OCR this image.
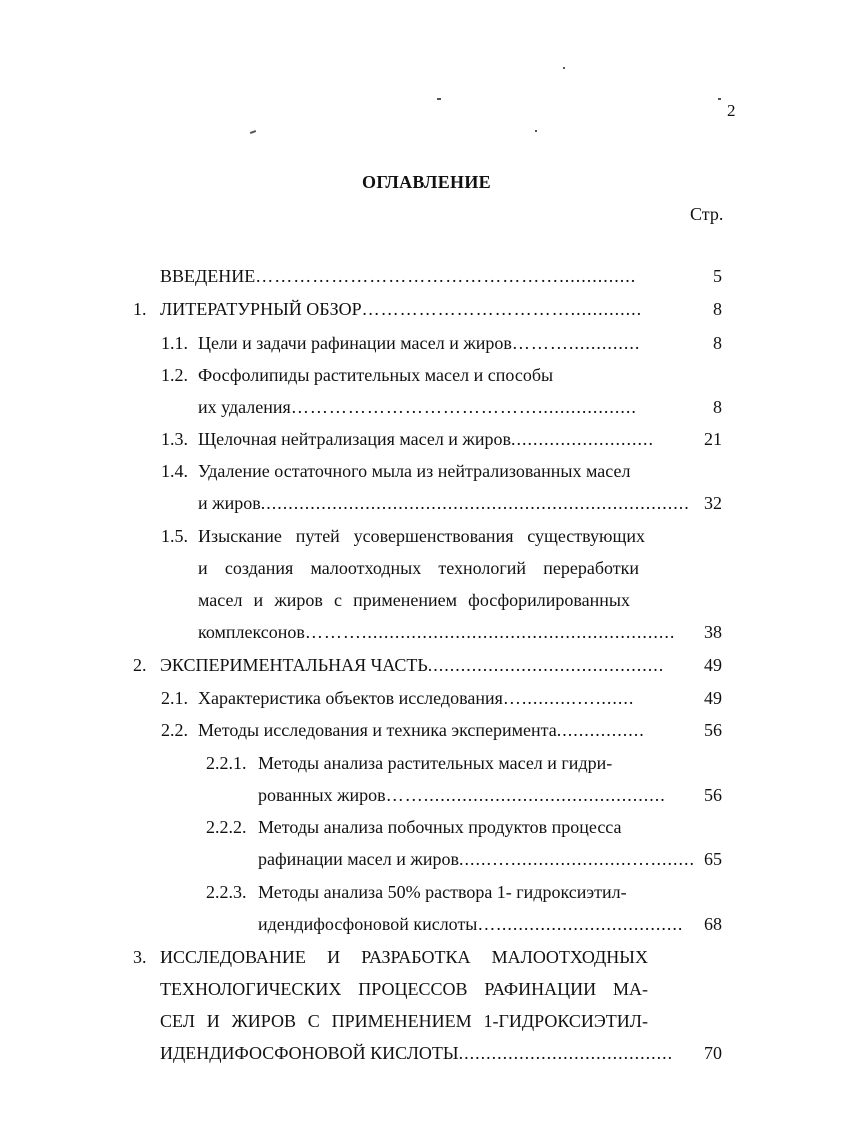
2
ОГЛАВЛЕНИЕ
Стр.
ВВЕДЕНИЕ…………………………………………..............	5
1. ЛИТЕРАТУРНЫЙ ОБЗОР…………………………….............	8
1.1. Цели и задачи рафинации масел и жиров……….............	8
1.2. Фосфолипиды растительных масел и способы
их удаления…………………………………..................	8
1.3. Щелочная нейтрализация масел и жиров..........................	21
1.4. Удаление остаточного мыла из нейтрализованных масел
и жиров.............................................................................. 32
1.5. Изыскание путей усовершенствования существующих
и создания малоотходных технологий переработки
масел и жиров с применением фосфорилированных
комплексонов……….........................................................	38
2. ЭКСПЕРИМЕНТАЛЬНАЯ ЧАСТЬ...........................................	49
2.1. Характеристика объектов исследования…..........….......	49
2.2. Методы исследования и техника эксперимента................	56
2.2.1. Методы анализа растительных масел и гидри-
рованных жиров……............................................	56
2.2.2. Методы анализа побочных продуктов процесса
рафинации масел и жиров......…......................…........ 65
2.2.3. Методы анализа 50% раствора 1- гидроксиэтил-
идендифосфоновой кислоты…..................................	68
3. ИССЛЕДОВАНИЕ И РАЗРАБОТКА МАЛООТХОДНЫХ
ТЕХНОЛОГИЧЕСКИХ ПРОЦЕССОВ РАФИНАЦИИ МА-
СЕЛ И ЖИРОВ С ПРИМЕНЕНИЕМ 1-ГИДРОКСИЭТИЛ-
ИДЕНДИФОСФОНОВОЙ КИСЛОТЫ.......................................	70
